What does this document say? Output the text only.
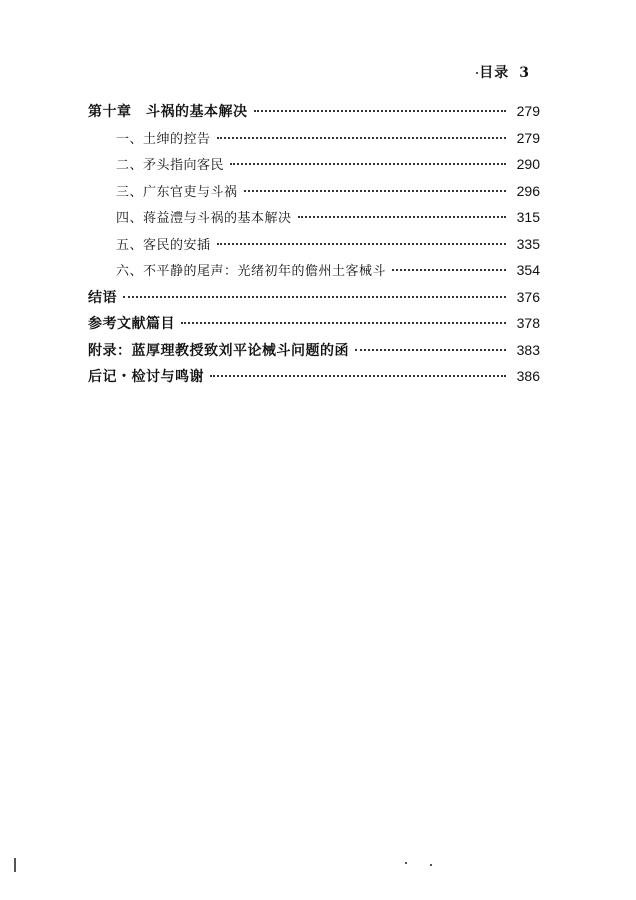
目录 3
第十章　斗祸的基本解决	279
一、土绅的控告	279
二、矛头指向客民	290
三、广东官吏与斗祸	296
四、蒋益澧与斗祸的基本解决	315
五、客民的安插	335
六、不平静的尾声：光绪初年的儋州土客械斗	354
结语	376
参考文献篇目	378
附录：蓝厚理教授致刘平论械斗问题的函	383
后记・检讨与鸣谢	386
